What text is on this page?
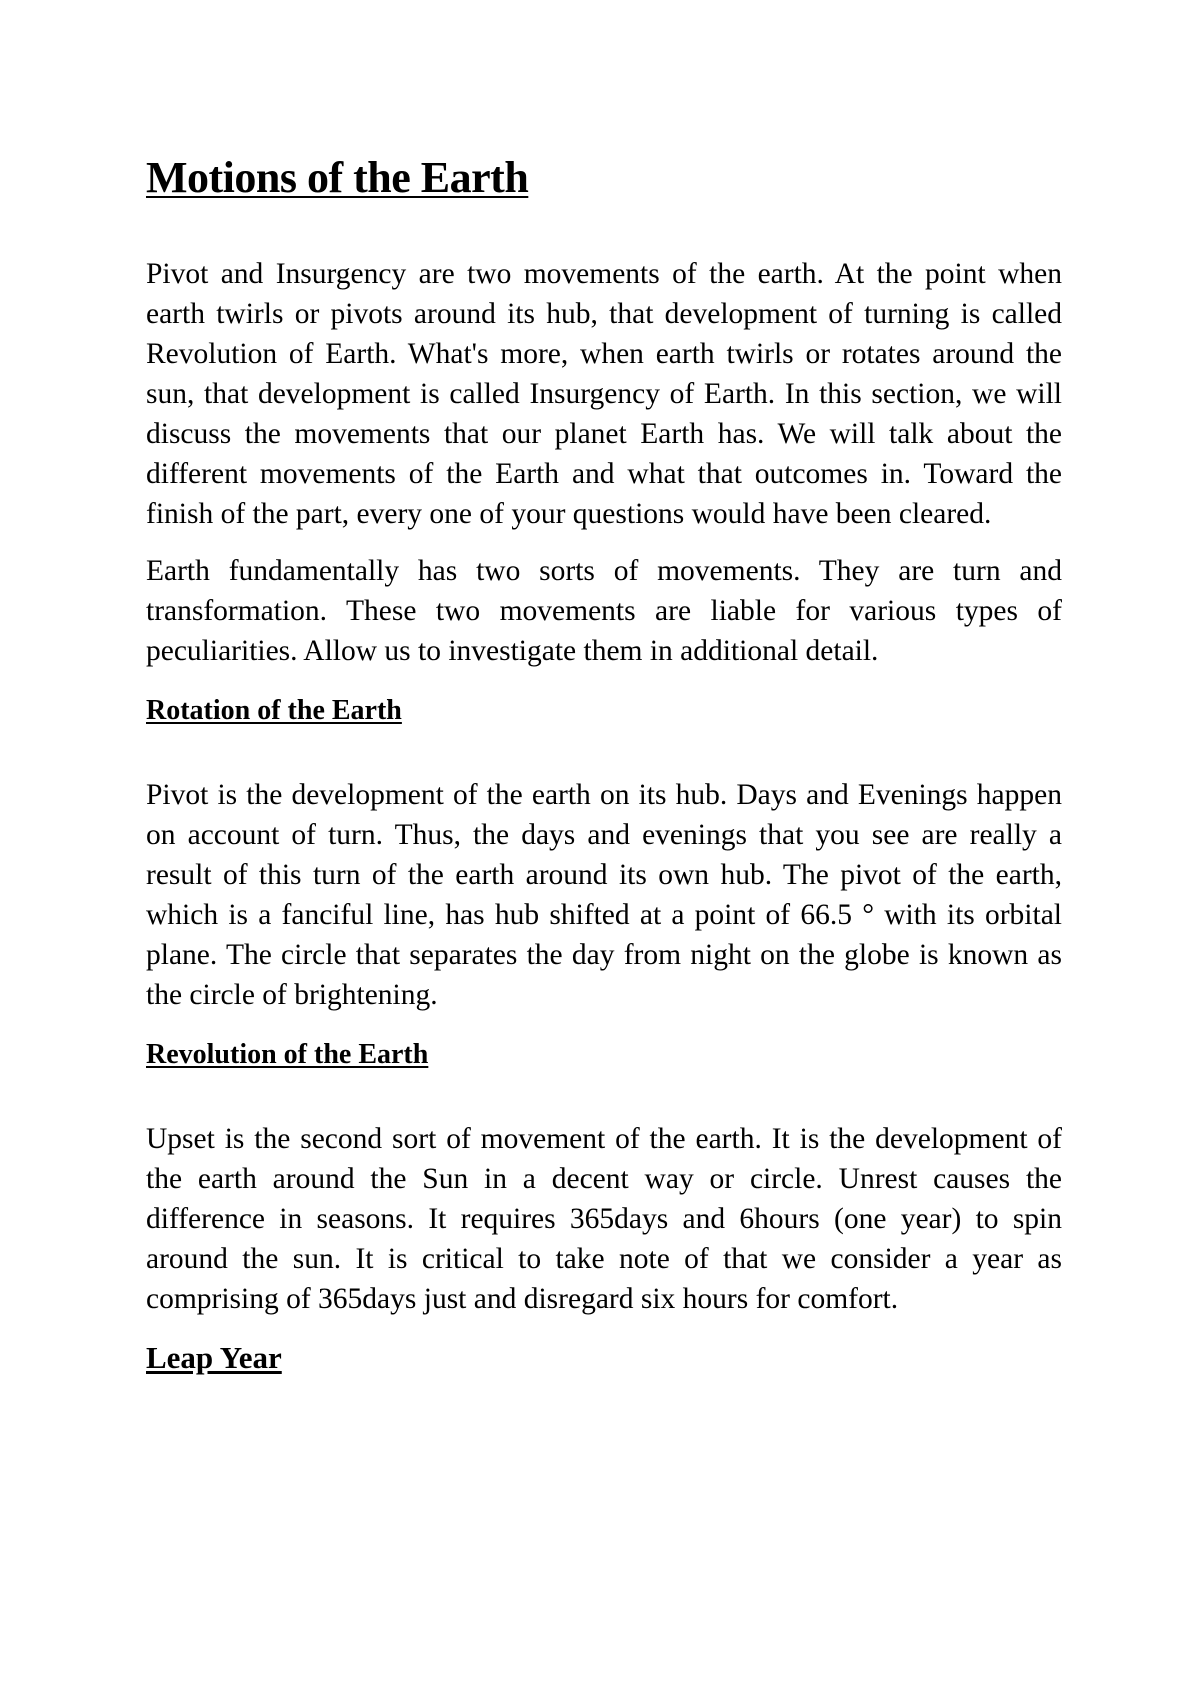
Motions of the Earth

Pivot and Insurgency are two movements of the earth. At the point when earth twirls or pivots around its hub, that development of turning is called Revolution of Earth. What's more, when earth twirls or rotates around the sun, that development is called Insurgency of Earth. In this section, we will discuss the movements that our planet Earth has. We will talk about the different movements of the Earth and what that outcomes in. Toward the finish of the part, every one of your questions would have been cleared.

Earth fundamentally has two sorts of movements. They are turn and transformation. These two movements are liable for various types of peculiarities. Allow us to investigate them in additional detail.

Rotation of the Earth

Pivot is the development of the earth on its hub. Days and Evenings happen on account of turn. Thus, the days and evenings that you see are really a result of this turn of the earth around its own hub. The pivot of the earth, which is a fanciful line, has hub shifted at a point of 66.5 ° with its orbital plane. The circle that separates the day from night on the globe is known as the circle of brightening.

Revolution of the Earth

Upset is the second sort of movement of the earth. It is the development of the earth around the Sun in a decent way or circle. Unrest causes the difference in seasons. It requires 365days and 6hours (one year) to spin around the sun. It is critical to take note of that we consider a year as comprising of 365days just and disregard six hours for comfort.

Leap Year
